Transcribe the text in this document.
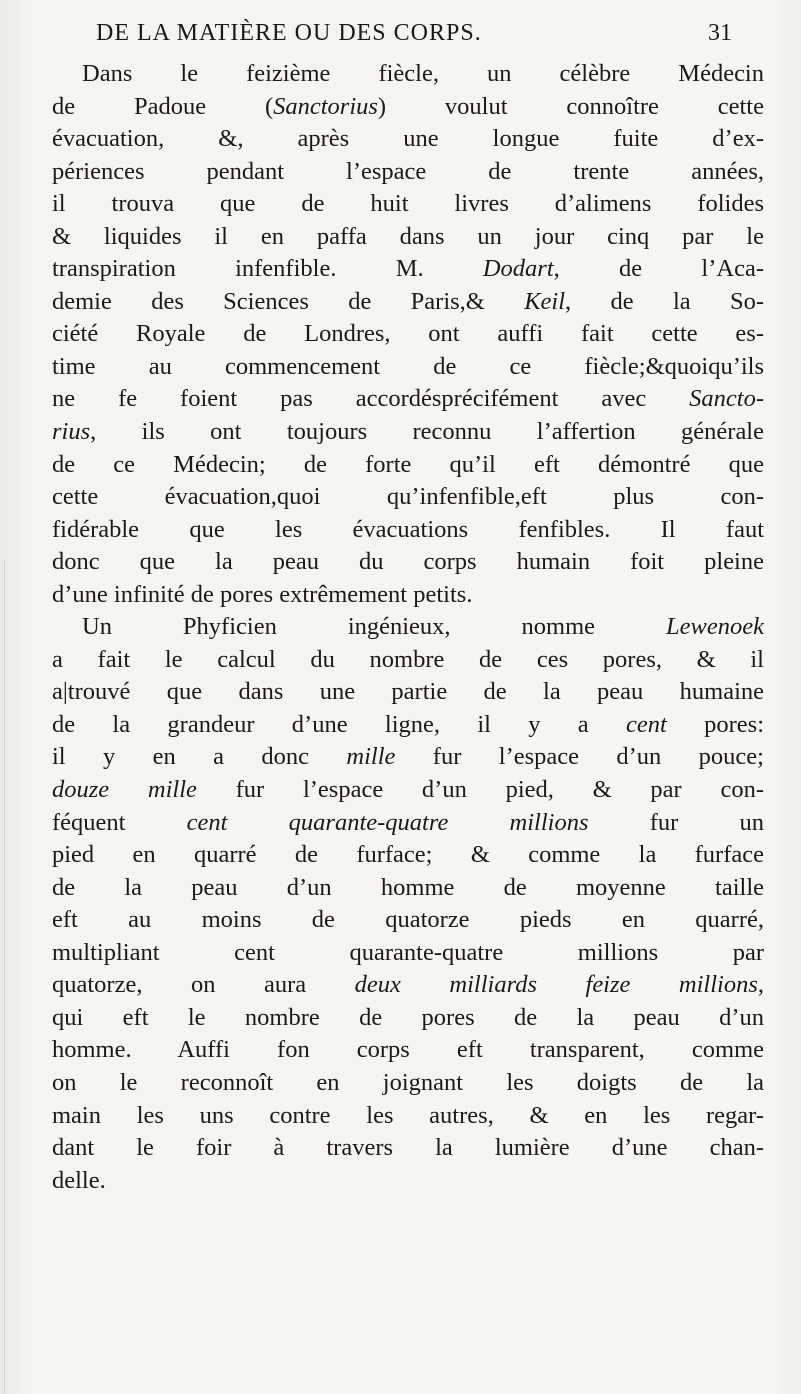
DE LA MATIÈRE OU DES CORPS.	31
Dans le feizième fiècle, un célèbre Médecin
de Padoue (Sanctorius) voulut connoître cette
évacuation, &, après une longue fuite d’ex-
périences pendant l’espace de trente années,
il trouva que de huit livres d’alimens folides
& liquides il en paffa dans un jour cinq par le
transpiration infenfible. M. Dodart, de l’Aca-
demie des Sciences de Paris,& Keil, de la So-
ciété Royale de Londres, ont auffi fait cette es-
time au commencement de ce fiècle;&quoiqu’ils
ne fe foient pas accordésprécifément avec Sancto-
rius, ils ont toujours reconnu l’affertion générale
de ce Médecin; de forte qu’il eft démontré que
cette évacuation,quoi qu’infenfible,eft plus con-
fidérable que les évacuations fenfibles. Il faut
donc que la peau du corps humain foit pleine
d’une infinité de pores extrêmement petits.
Un Phyficien ingénieux, nomme Lewenoek
a fait le calcul du nombre de ces pores, & il
a|trouvé que dans une partie de la peau humaine
de la grandeur d’une ligne, il y a cent pores:
il y en a donc mille fur l’espace d’un pouce;
douze mille fur l’espace d’un pied, & par con-
féquent cent quarante-quatre millions fur un
pied en quarré de furface; & comme la furface
de la peau d’un homme de moyenne taille
eft au moins de quatorze pieds en quarré,
multipliant cent quarante-quatre millions par
quatorze, on aura deux milliards feize millions,
qui eft le nombre de pores de la peau d’un
homme. Auffi fon corps eft transparent, comme
on le reconnoît en joignant les doigts de la
main les uns contre les autres, & en les regar-
dant le foir à travers la lumière d’une chan-
delle.
